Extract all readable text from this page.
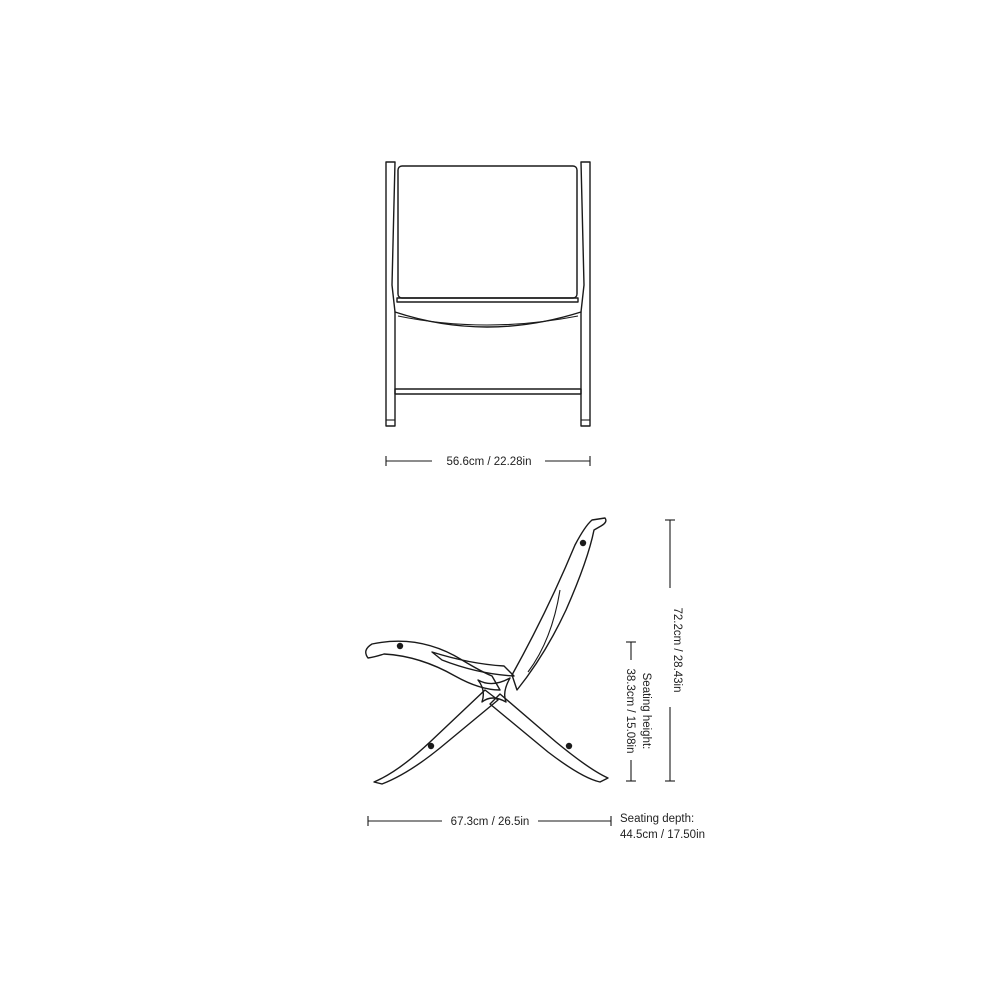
56.6cm / 22.28in
67.3cm / 26.5in	Seating depth:
44.5cm / 17.50in
72.2cm / 28.43in
Seating height:
38.3cm / 15.08in
